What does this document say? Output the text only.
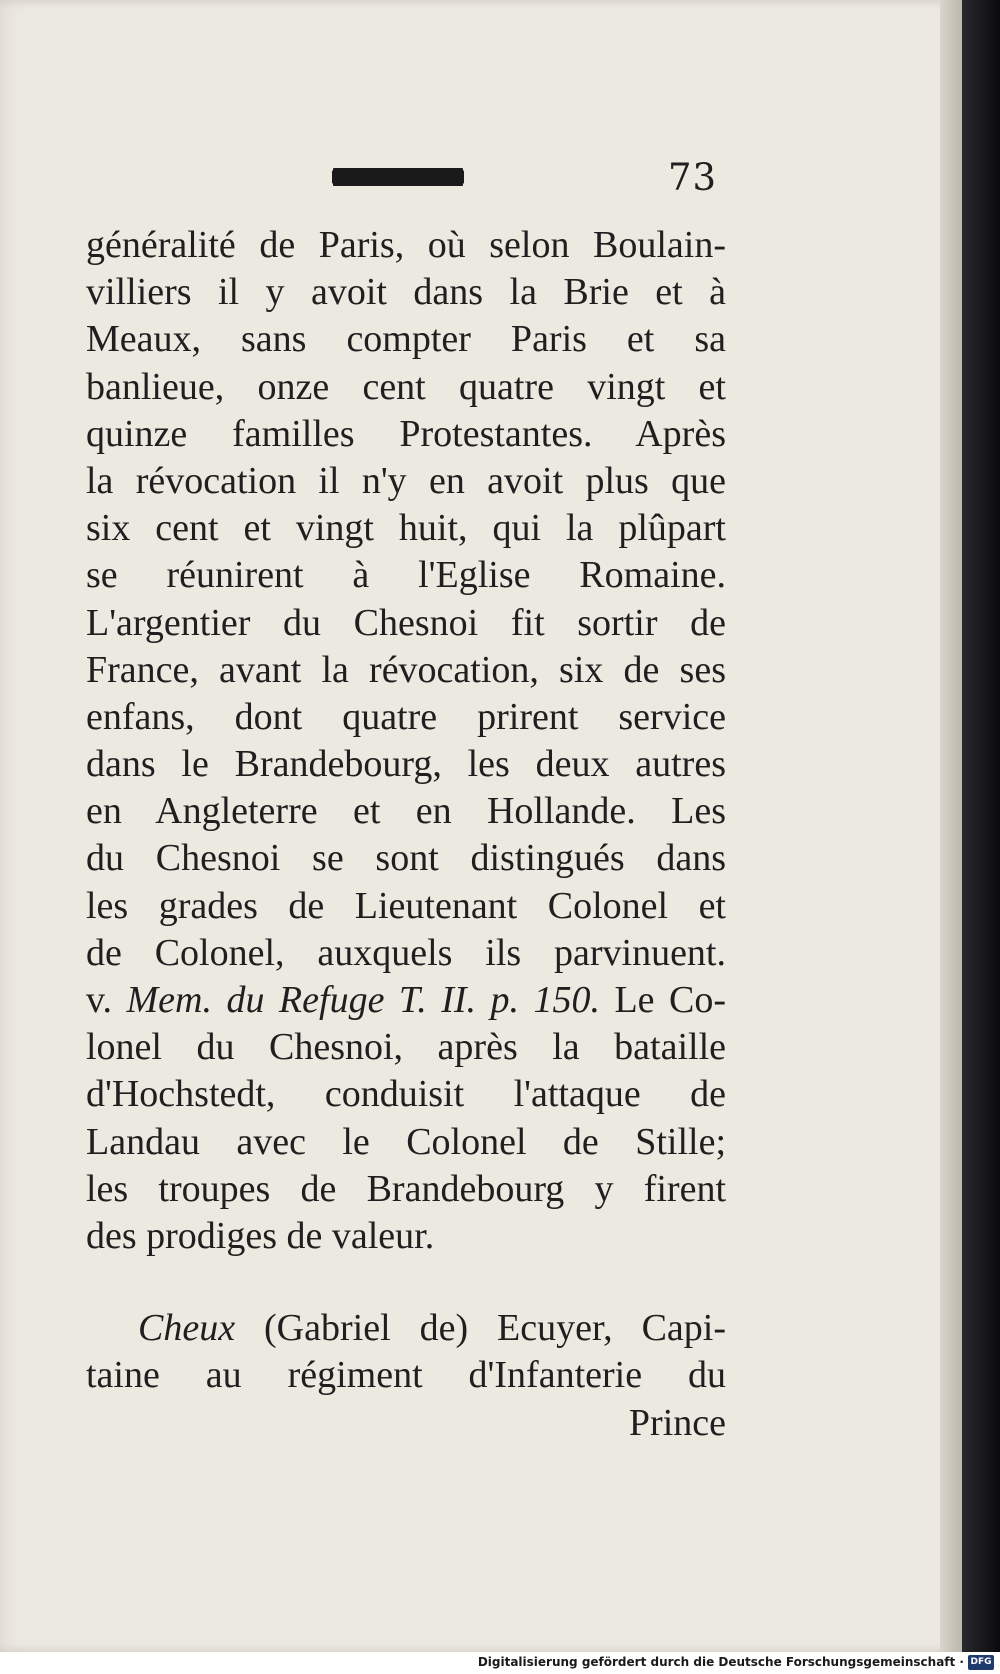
73
généralité de Paris, où selon Boulain-
villiers il y avoit dans la Brie et à
Meaux, sans compter Paris et sa
banlieue, onze cent quatre vingt et
quinze familles Protestantes. Après
la révocation il n'y en avoit plus que
six cent et vingt huit, qui la plûpart
se réunirent à l'Eglise Romaine.
L'argentier du Chesnoi fit sortir de
France, avant la révocation, six de ses
enfans, dont quatre prirent service
dans le Brandebourg, les deux autres
en Angleterre et en Hollande. Les
du Chesnoi se sont distingués dans
les grades de Lieutenant Colonel et
de Colonel, auxquels ils parvinuent.
v. Mem. du Refuge T. II. p. 150. Le Co-
lonel du Chesnoi, après la bataille
d'Hochstedt, conduisit l'attaque de
Landau avec le Colonel de Stille;
les troupes de Brandebourg y firent
des prodiges de valeur.
Cheux (Gabriel de) Ecuyer, Capi-
taine au régiment d'Infanterie du
Prince
Digitalisierung gefördert durch die Deutsche Forschungsgemeinschaft · DFG
